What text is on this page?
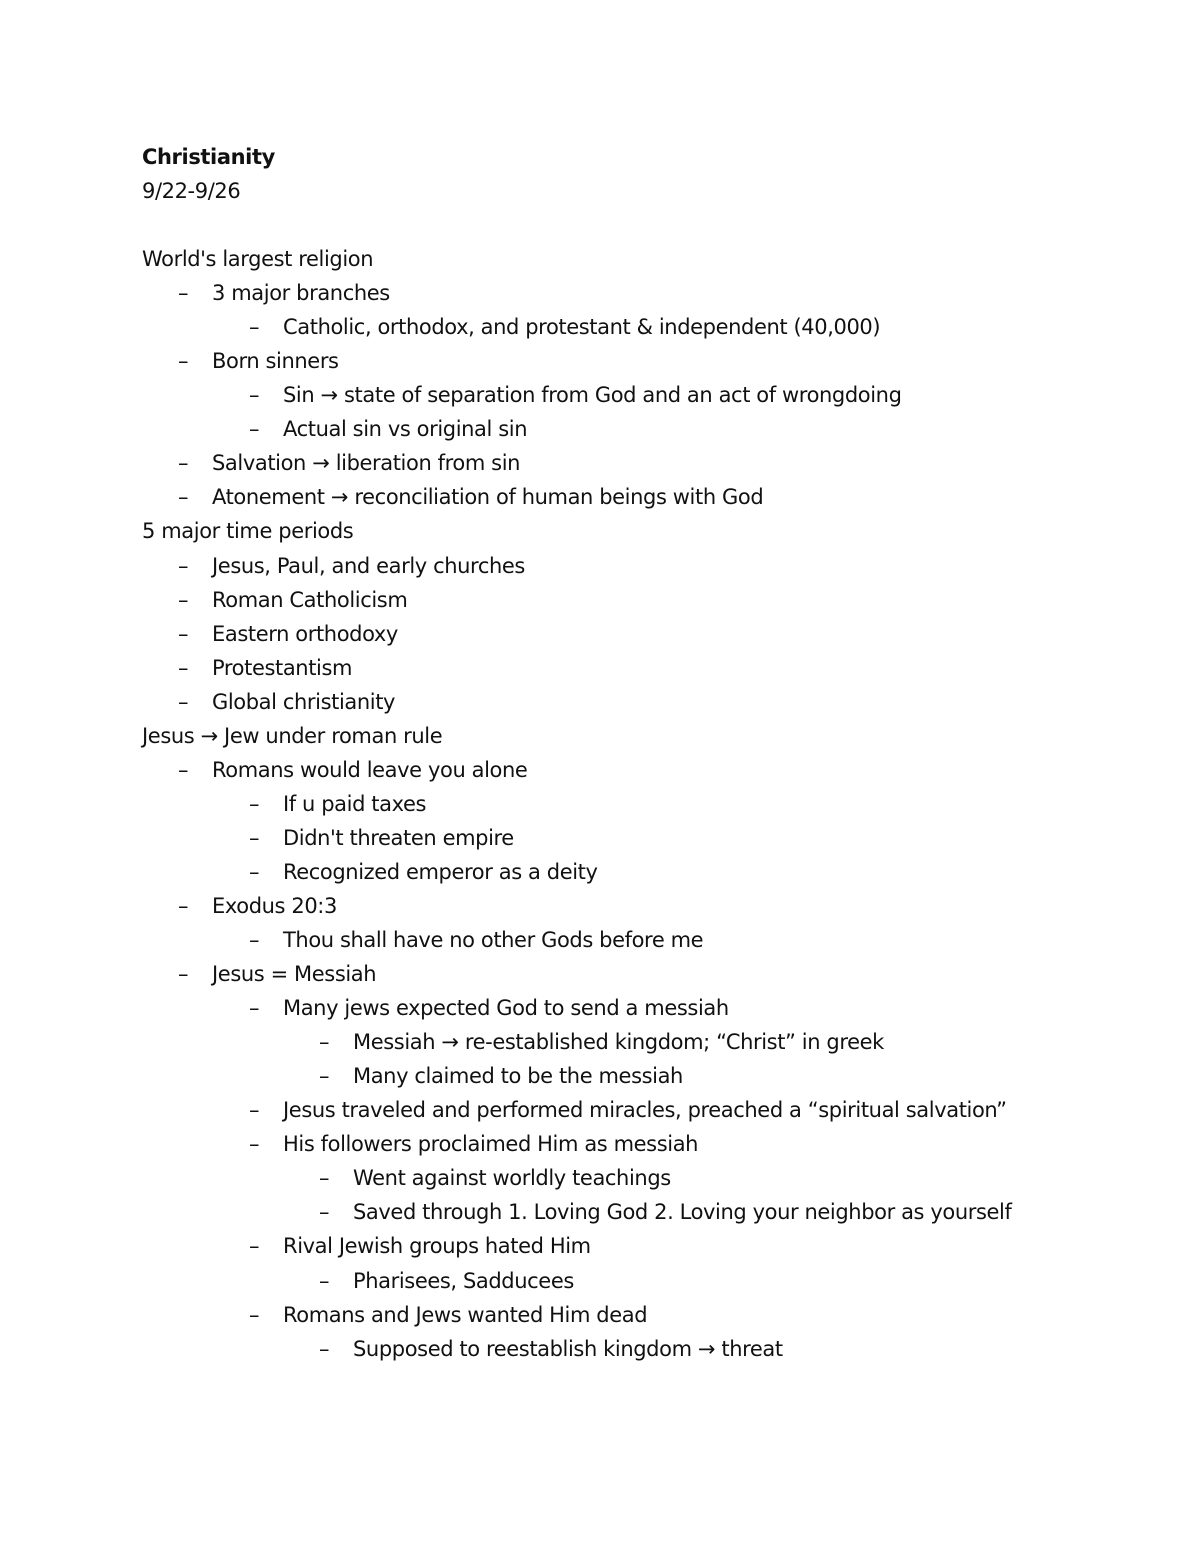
Christianity
9/22-9/26
World's largest religion
– 3 major branches
– Catholic, orthodox, and protestant & independent (40,000)
– Born sinners
– Sin → state of separation from God and an act of wrongdoing
– Actual sin vs original sin
– Salvation → liberation from sin
– Atonement → reconciliation of human beings with God
5 major time periods
– Jesus, Paul, and early churches
– Roman Catholicism
– Eastern orthodoxy
– Protestantism
– Global christianity
Jesus → Jew under roman rule
– Romans would leave you alone
– If u paid taxes
– Didn't threaten empire
– Recognized emperor as a deity
– Exodus 20:3
– Thou shall have no other Gods before me
– Jesus = Messiah
– Many jews expected God to send a messiah
– Messiah → re-established kingdom; “Christ” in greek
– Many claimed to be the messiah
– Jesus traveled and performed miracles, preached a “spiritual salvation”
– His followers proclaimed Him as messiah
– Went against worldly teachings
– Saved through 1. Loving God 2. Loving your neighbor as yourself
– Rival Jewish groups hated Him
– Pharisees, Sadducees
– Romans and Jews wanted Him dead
– Supposed to reestablish kingdom → threat
